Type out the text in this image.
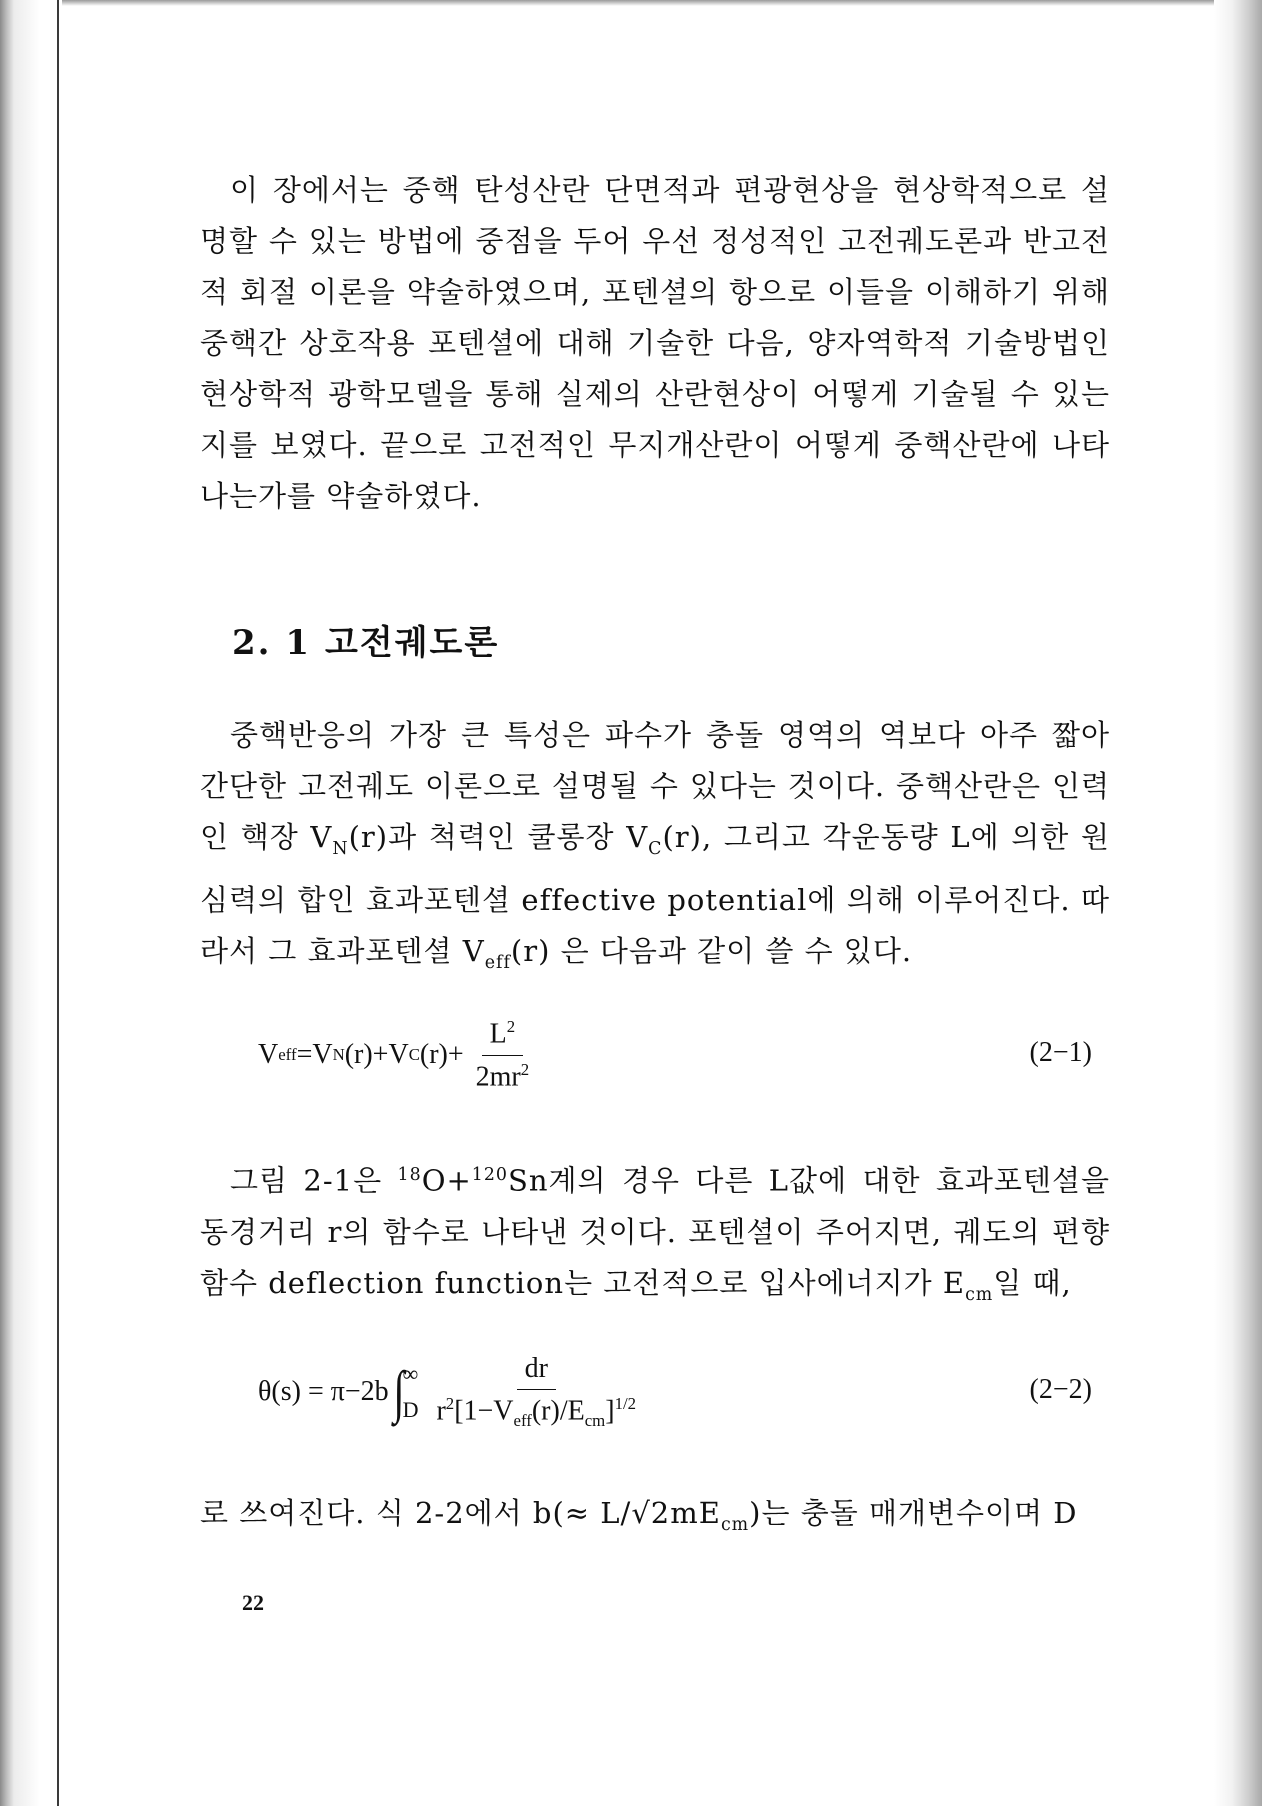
이 장에서는 중핵 탄성산란 단면적과 편광현상을 현상학적으로 설명할 수 있는 방법에 중점을 두어 우선 정성적인 고전궤도론과 반고전적 회절 이론을 약술하였으며, 포텐셜의 항으로 이들을 이해하기 위해 중핵간 상호작용 포텐셜에 대해 기술한 다음, 양자역학적 기술방법인 현상학적 광학모델을 통해 실제의 산란현상이 어떻게 기술될 수 있는지를 보였다. 끝으로 고전적인 무지개산란이 어떻게 중핵산란에 나타나는가를 약술하였다.

2. 1 고전궤도론

중핵반응의 가장 큰 특성은 파수가 충돌 영역의 역보다 아주 짧아 간단한 고전궤도 이론으로 설명될 수 있다는 것이다. 중핵산란은 인력인 핵장 $V_N(r)$과 척력인 쿨롱장 $V_C(r)$, 그리고 각운동량 L에 의한 원심력의 합인 효과포텐셜 effective potential에 의해 이루어진다. 따라서 그 효과포텐셜 $V_{eff}(r)$ 은 다음과 같이 쓸 수 있다.

V eff =V N (r)+V C $(r)+ \frac{L^2}{2mr^2}$	(2−1)

그림 2-1은 $^{18}$O+$^{120}$Sn계의 경우 다른 L값에 대한 효과포텐셜을 동경거리 r의 함수로 나타낸 것이다. 포텐셜이 주어지면, 궤도의 편향함수 deflection function는 고전적으로 입사에너지가 $E_{cm}$일 때,

θ(s) = π−2b ∫
∞
D $\frac{dr}{r^2[1-V_{eff}(r)/E_{cm}]^{1/2}}$	(2−2)

로 쓰여진다. 식 2-2에서 $b(\approx L/√2mE_{cm})$는 충돌 매개변수이며 D

22
